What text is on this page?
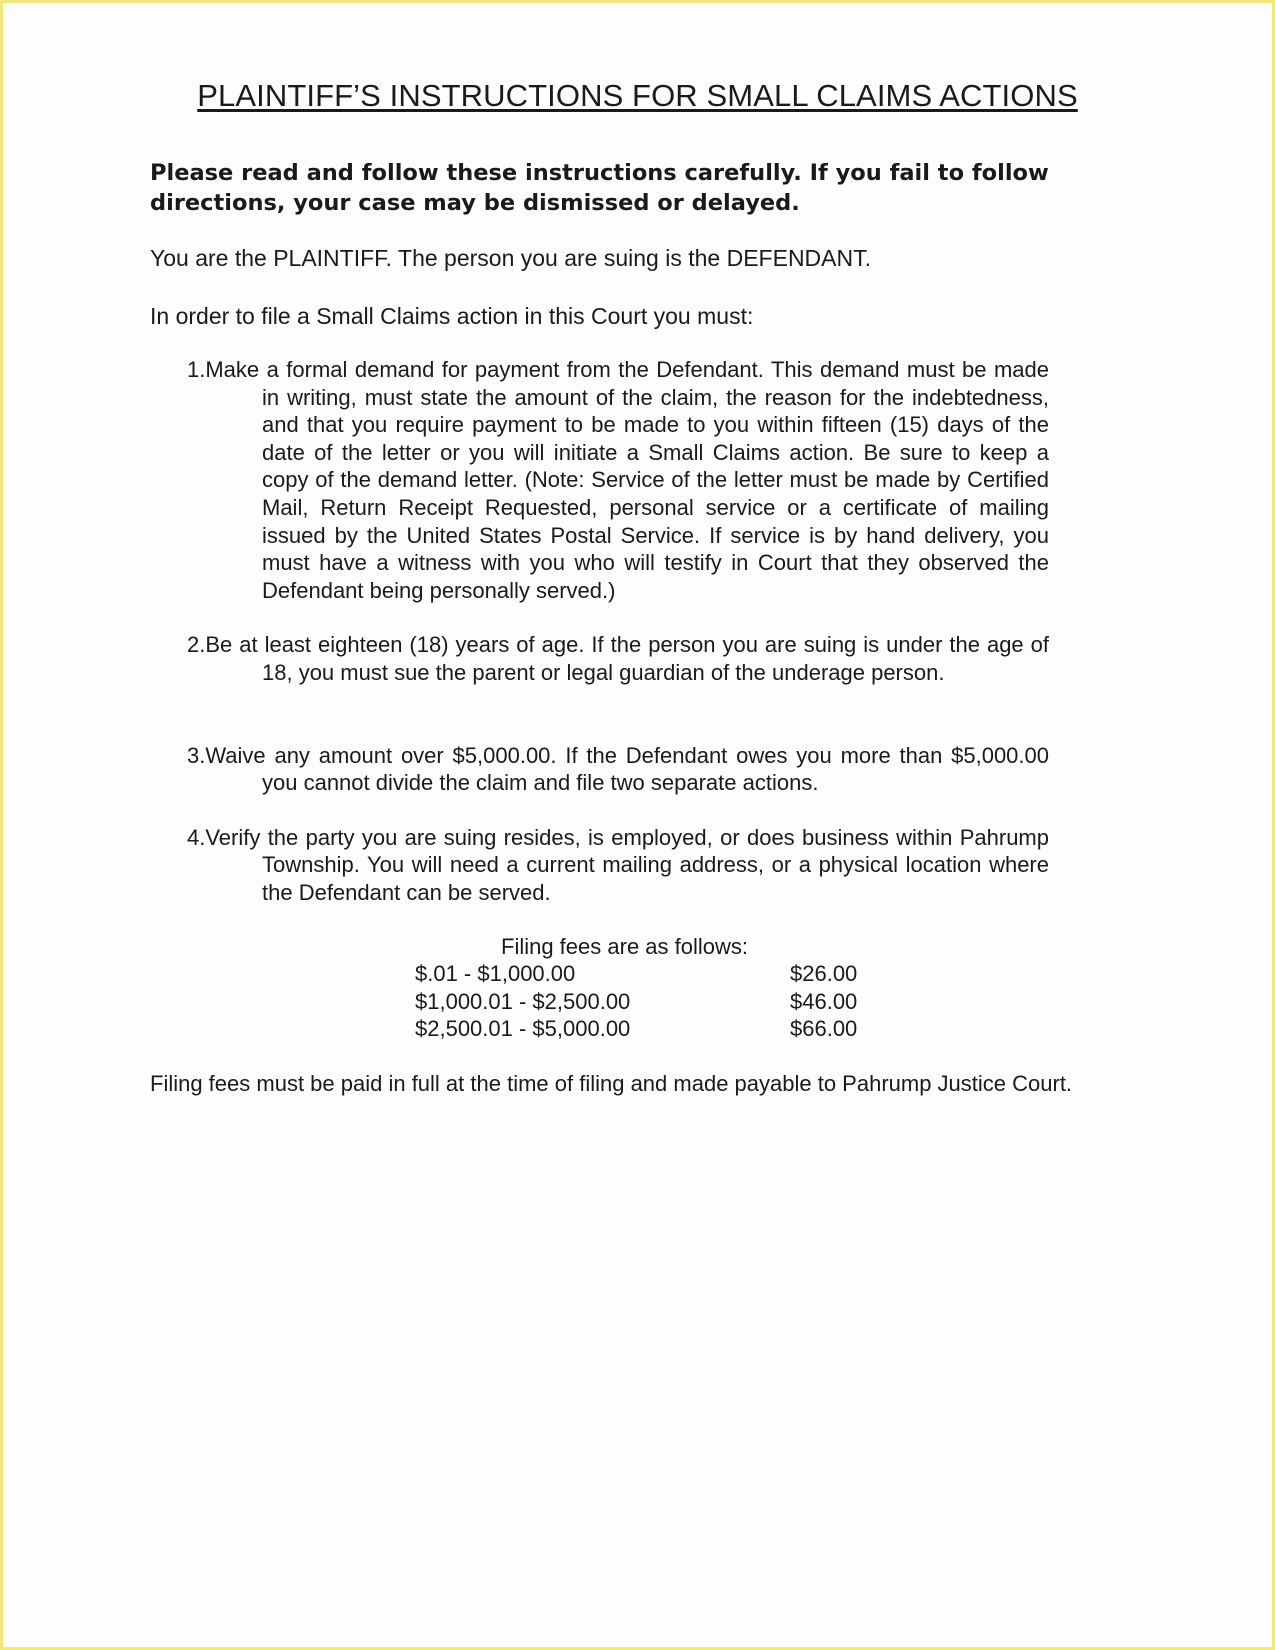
PLAINTIFF’S INSTRUCTIONS FOR SMALL CLAIMS ACTIONS

Please read and follow these instructions carefully. If you fail to follow directions, your case may be dismissed or delayed.

You are the PLAINTIFF. The person you are suing is the DEFENDANT.

In order to file a Small Claims action in this Court you must:

1.Make a formal demand for payment from the Defendant. This demand must be made in writing, must state the amount of the claim, the reason for the indebtedness, and that you require payment to be made to you within fifteen (15) days of the date of the letter or you will initiate a Small Claims action. Be sure to keep a copy of the demand letter. (Note: Service of the letter must be made by Certified Mail, Return Receipt Requested, personal service or a certificate of mailing issued by the United States Postal Service. If service is by hand delivery, you must have a witness with you who will testify in Court that they observed the Defendant being personally served.)
2.Be at least eighteen (18) years of age. If the person you are suing is under the age of 18, you must sue the parent or legal guardian of the underage person.
3.Waive any amount over $5,000.00. If the Defendant owes you more than $5,000.00 you cannot divide the claim and file two separate actions.
4.Verify the party you are suing resides, is employed, or does business within Pahrump Township. You will need a current mailing address, or a physical location where the Defendant can be served.
Filing fees are as follows:
$.01 - $1,000.00	$26.00
$1,000.01 - $2,500.00	$46.00
$2,500.01 - $5,000.00	$66.00

Filing fees must be paid in full at the time of filing and made payable to Pahrump Justice Court.
